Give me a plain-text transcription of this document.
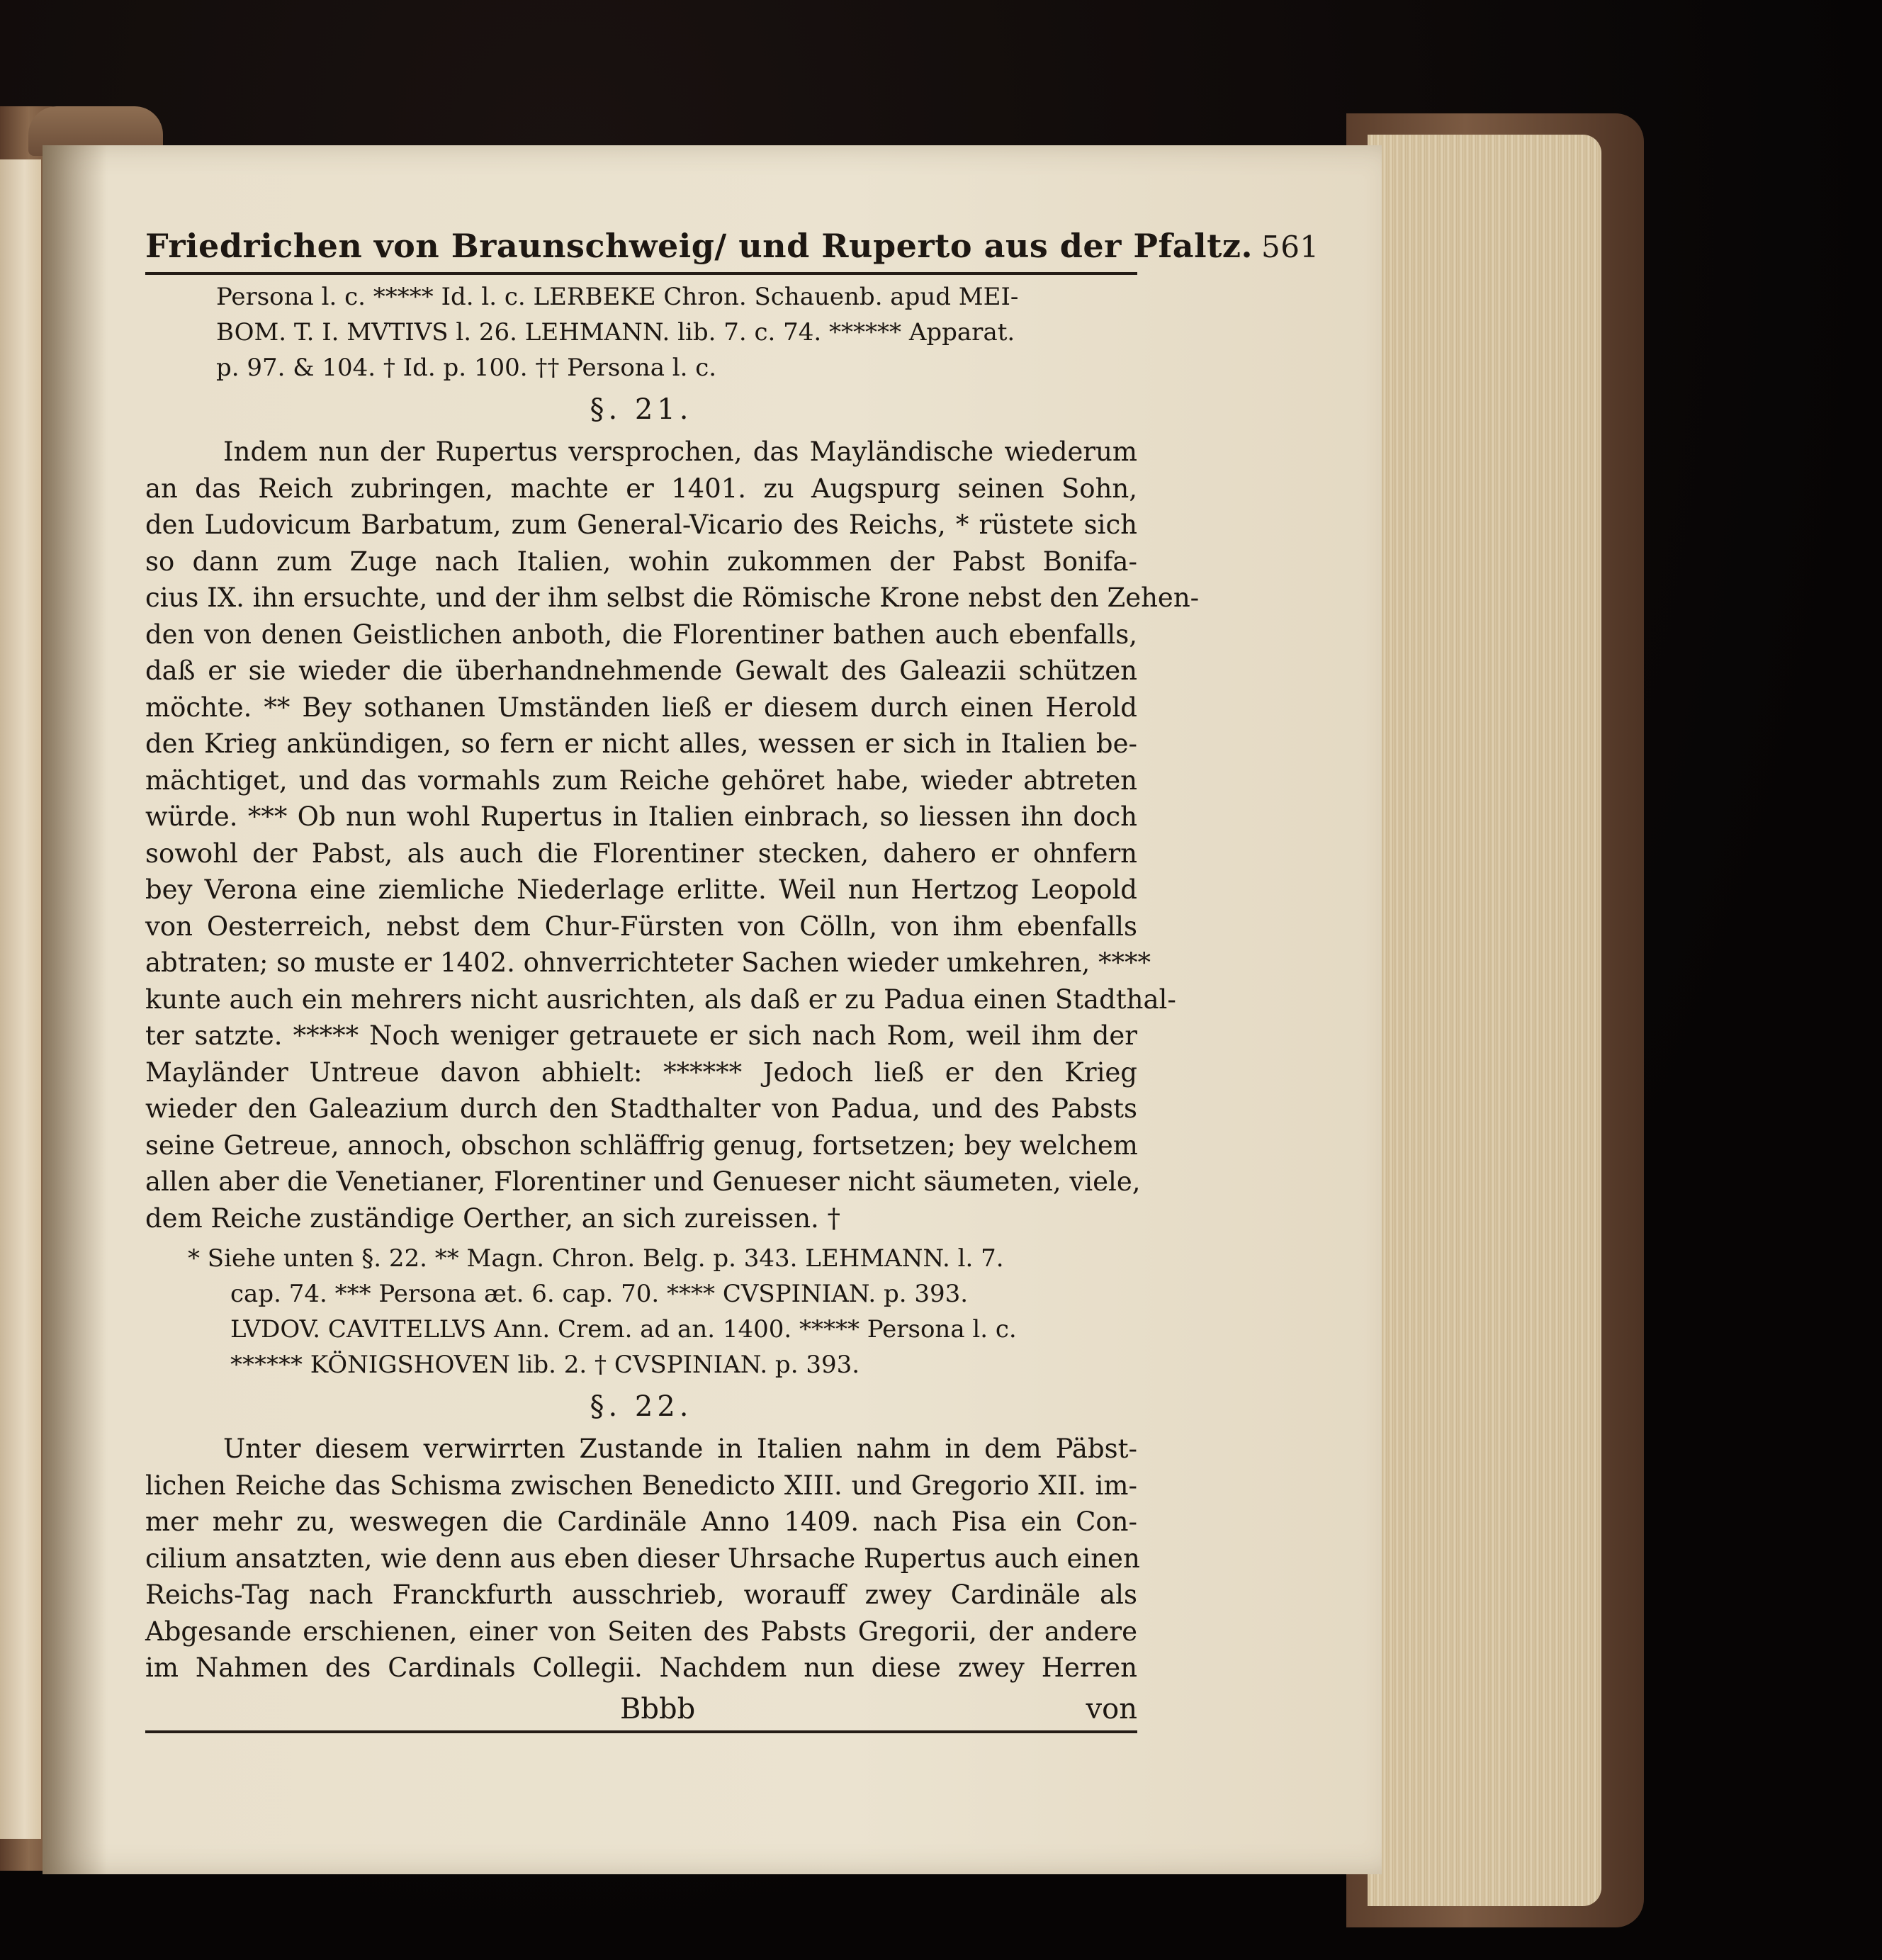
Friedrichen von Braunschweig/ und Ruperto aus der Pfaltz. 561
Persona l. c. ***** Id. l. c. LERBEKE Chron. Schauenb. apud MEI-
BOM. T. I. MVTIVS l. 26. LEHMANN. lib. 7. c. 74. ****** Apparat.
p. 97. & 104. † Id. p. 100. †† Persona l. c.
§. 21.
Indem nun der Rupertus versprochen, das Mayländische wiederum
an das Reich zubringen, machte er 1401. zu Augspurg seinen Sohn,
den Ludovicum Barbatum, zum General-Vicario des Reichs, * rüstete sich
so dann zum Zuge nach Italien, wohin zukommen der Pabst Bonifa-
cius IX. ihn ersuchte, und der ihm selbst die Römische Krone nebst den Zehen-
den von denen Geistlichen anboth, die Florentiner bathen auch ebenfalls,
daß er sie wieder die überhandnehmende Gewalt des Galeazii schützen
möchte. ** Bey sothanen Umständen ließ er diesem durch einen Herold
den Krieg ankündigen, so fern er nicht alles, wessen er sich in Italien be-
mächtiget, und das vormahls zum Reiche gehöret habe, wieder abtreten
würde. *** Ob nun wohl Rupertus in Italien einbrach, so liessen ihn doch
sowohl der Pabst, als auch die Florentiner stecken, dahero er ohnfern
bey Verona eine ziemliche Niederlage erlitte. Weil nun Hertzog Leopold
von Oesterreich, nebst dem Chur-Fürsten von Cölln, von ihm ebenfalls
abtraten; so muste er 1402. ohnverrichteter Sachen wieder umkehren, ****
kunte auch ein mehrers nicht ausrichten, als daß er zu Padua einen Stadthal-
ter satzte. ***** Noch weniger getrauete er sich nach Rom, weil ihm der
Mayländer Untreue davon abhielt: ****** Jedoch ließ er den Krieg
wieder den Galeazium durch den Stadthalter von Padua, und des Pabsts
seine Getreue, annoch, obschon schläffrig genug, fortsetzen; bey welchem
allen aber die Venetianer, Florentiner und Genueser nicht säumeten, viele,
dem Reiche zuständige Oerther, an sich zureissen. †
* Siehe unten §. 22. ** Magn. Chron. Belg. p. 343. LEHMANN. l. 7.
cap. 74. *** Persona æt. 6. cap. 70. **** CVSPINIAN. p. 393.
LVDOV. CAVITELLVS Ann. Crem. ad an. 1400. ***** Persona l. c.
****** KÖNIGSHOVEN lib. 2. † CVSPINIAN. p. 393.
§. 22.
Unter diesem verwirrten Zustande in Italien nahm in dem Päbst-
lichen Reiche das Schisma zwischen Benedicto XIII. und Gregorio XII. im-
mer mehr zu, weswegen die Cardinäle Anno 1409. nach Pisa ein Con-
cilium ansatzten, wie denn aus eben dieser Uhrsache Rupertus auch einen
Reichs-Tag nach Franckfurth ausschrieb, worauff zwey Cardinäle als
Abgesande erschienen, einer von Seiten des Pabsts Gregorii, der andere
im Nahmen des Cardinals Collegii. Nachdem nun diese zwey Herren
Bbbb	von
